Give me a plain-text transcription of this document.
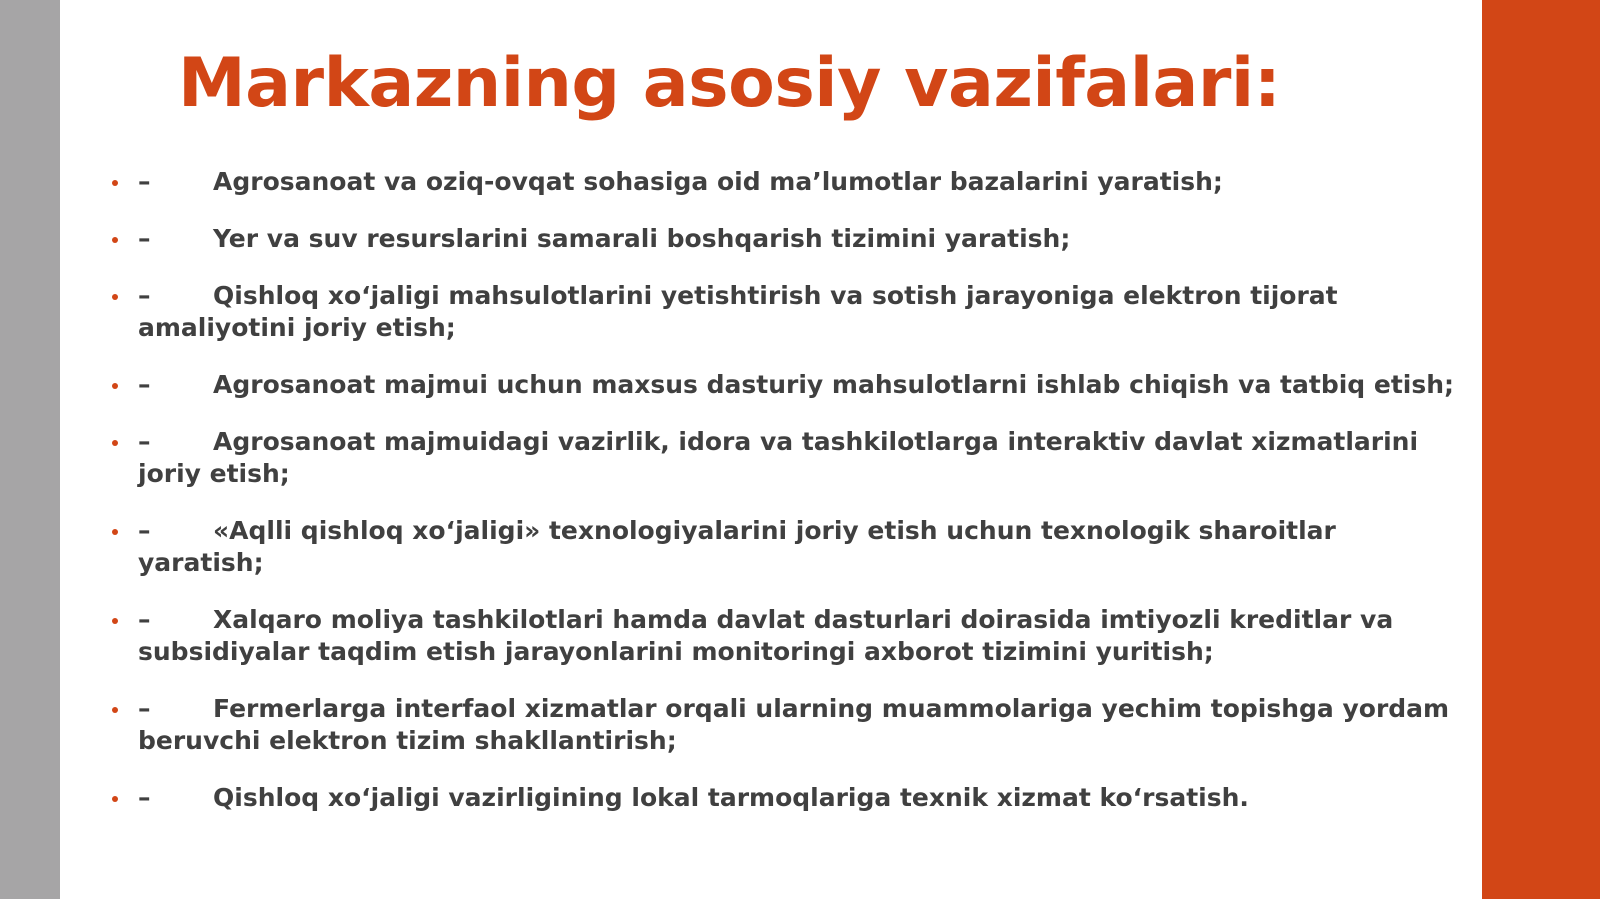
Markazning asosiy vazifalari:
–	Agrosanoat va oziq-ovqat sohasiga oid ma’lumotlar bazalarini yaratish;
–	Yer va suv resurslarini samarali boshqarish tizimini yaratish;
–	Qishloq xo‘jaligi mahsulotlarini yetishtirish va sotish jarayoniga elektron tijorat amaliyotini joriy etish;
–	Agrosanoat majmui uchun maxsus dasturiy mahsulotlarni ishlab chiqish va tatbiq etish;
–	Agrosanoat majmuidagi vazirlik, idora va tashkilotlarga interaktiv davlat xizmatlarini joriy etish;
–	«Aqlli qishloq xo‘jaligi» texnologiyalarini joriy etish uchun texnologik sharoitlar yaratish;
–	Xalqaro moliya tashkilotlari hamda davlat dasturlari doirasida imtiyozli kreditlar va subsidiyalar taqdim etish jarayonlarini monitoringi axborot tizimini yuritish;
–	Fermerlarga interfaol xizmatlar orqali ularning muammolariga yechim topishga yordam beruvchi elektron tizim shakllantirish;
–	Qishloq xo‘jaligi vazirligining lokal tarmoqlariga texnik xizmat ko‘rsatish.
